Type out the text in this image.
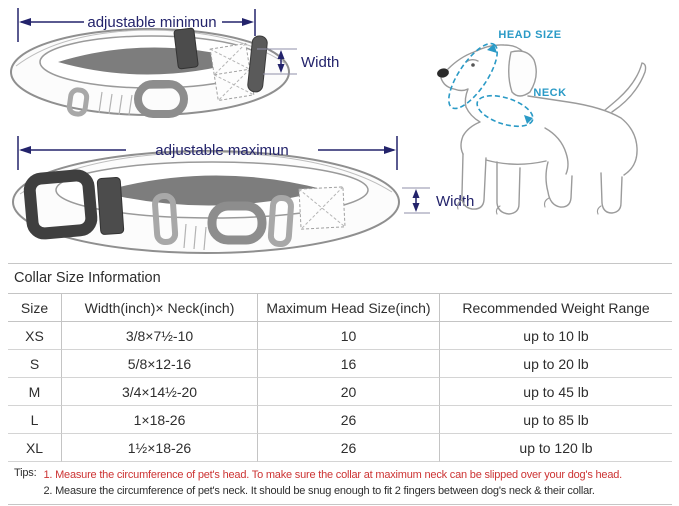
adjustable minimun
Width
adjustable maximun
Width
HEAD SIZE
NECK
Collar Size Information
Size	Width(inch)× Neck(inch)	Maximum Head Size(inch)	Recommended Weight Range
XS	3/8×7½-10	10	up to 10 lb
S	5/8×12-16	16	up to 20 lb
M	3/4×14½-20	20	up to 45 lb
L	1×18-26	26	up to 85 lb
XL	1½×18-26	26	up to 120 lb
Tips: 1. Measure the circumference of pet's head. To make sure the collar at maximum neck can be slipped over your dog's head.
2. Measure the circumference of pet's neck. It should be snug enough to fit 2 fingers between dog's neck & their collar.
